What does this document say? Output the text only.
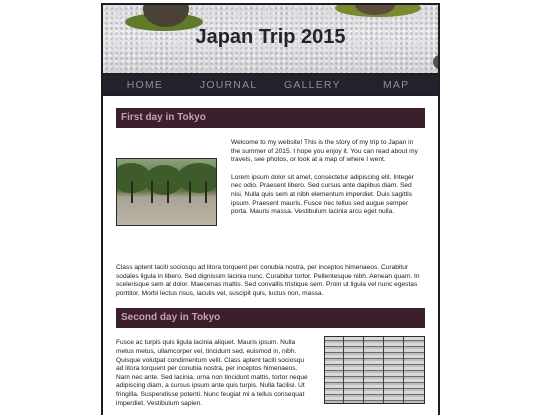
Japan Trip 2015
HOME	JOURNAL	GALLERY	MAP
First day in Tokyo

Welcome to my website! This is the story of my trip to Japan in the summer of 2015. I hope you enjoy it. You can read about my travels, see photos, or look at a map of where I went.

Lorem ipsum dolor sit amet, consectetur adipiscing elit. Integer nec odio. Praesent libero. Sed cursus ante dapibus diam. Sed nisi. Nulla quis sem at nibh elementum imperdiet. Duis sagittis ipsum. Praesent mauris. Fusce nec tellus sed augue semper porta. Mauris massa. Vestibulum lacinia arcu eget nulla.

Class aptent taciti sociosqu ad litora torquent per conubia nostra, per inceptos himenaeos. Curabitur sodales ligula in libero. Sed dignissim lacinia nunc. Curabitur tortor. Pellentesque nibh. Aenean quam. In scelerisque sem at dolor. Maecenas mattis. Sed convallis tristique sem. Proin ut ligula vel nunc egestas porttitor. Morbi lectus risus, iaculis vel, suscipit quis, luctus non, massa.

Second day in Tokyo

Fusce ac turpis quis ligula lacinia aliquet. Mauris ipsum. Nulla metus metus, ullamcorper vel, tincidunt sed, euismod in, nibh. Quisque volutpat condimentum velit. Class aptent taciti sociosqu ad litora torquent per conubia nostra, per inceptos himenaeos. Nam nec ante. Sed lacinia, urna non tincidunt mattis, tortor neque adipiscing diam, a cursus ipsum ante quis turpis. Nulla facilisi. Ut fringilla. Suspendisse potenti. Nunc feugiat mi a tellus consequat imperdiet. Vestibulum sapien.
